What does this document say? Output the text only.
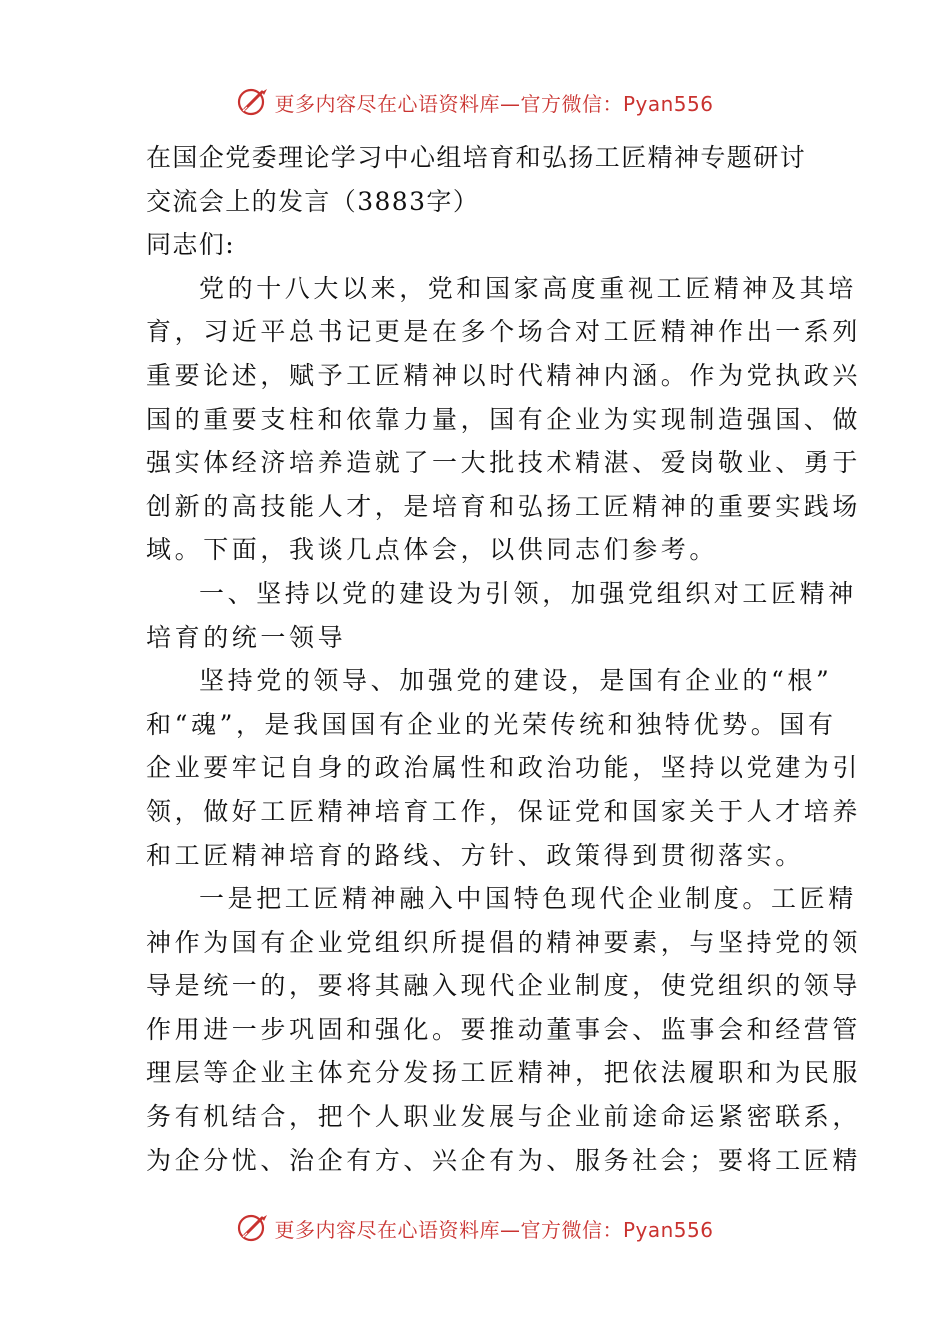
更多内容尽在心语资料库—官方微信：Pyan556
在国企党委理论学习中心组培育和弘扬工匠精神专题研讨
交流会上的发言（3883字）
同志们:
党的十八大以来，党和国家高度重视工匠精神及其培
育，习近平总书记更是在多个场合对工匠精神作出一系列
重要论述，赋予工匠精神以时代精神内涵。作为党执政兴
国的重要支柱和依靠力量，国有企业为实现制造强国、做
强实体经济培养造就了一大批技术精湛、爱岗敬业、勇于
创新的高技能人才，是培育和弘扬工匠精神的重要实践场
域。下面，我谈几点体会，以供同志们参考。
一、坚持以党的建设为引领，加强党组织对工匠精神
培育的统一领导
坚持党的领导、加强党的建设，是国有企业的“根”
和“魂”，是我国国有企业的光荣传统和独特优势。国有
企业要牢记自身的政治属性和政治功能，坚持以党建为引
领，做好工匠精神培育工作，保证党和国家关于人才培养
和工匠精神培育的路线、方针、政策得到贯彻落实。
一是把工匠精神融入中国特色现代企业制度。工匠精
神作为国有企业党组织所提倡的精神要素，与坚持党的领
导是统一的，要将其融入现代企业制度，使党组织的领导
作用进一步巩固和强化。要推动董事会、监事会和经营管
理层等企业主体充分发扬工匠精神，把依法履职和为民服
务有机结合，把个人职业发展与企业前途命运紧密联系，
为企分忧、治企有方、兴企有为、服务社会；要将工匠精
更多内容尽在心语资料库—官方微信：Pyan556
